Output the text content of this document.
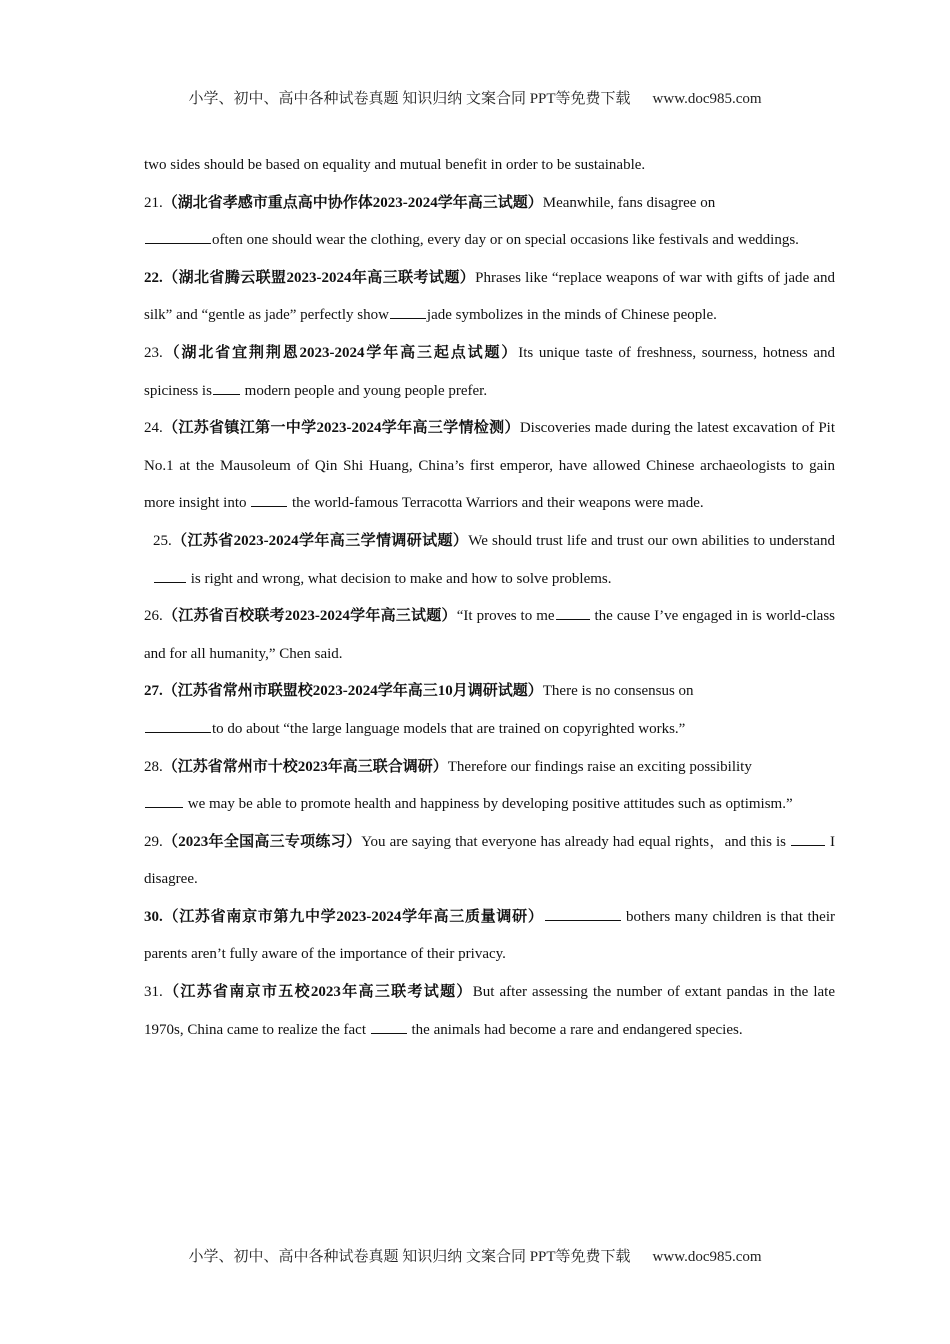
小学、初中、高中各种试卷真题 知识归纳 文案合同 PPT等免费下载 www.doc985.com

two sides should be based on equality and mutual benefit in order to be sustainable.

21.（湖北省孝感市重点高中协作体2023-2024学年高三试题）Meanwhile, fans disagree on
often one should wear the clothing, every day or on special occasions like festivals and weddings.

22.（湖北省腾云联盟2023-2024年高三联考试题）Phrases like “replace weapons of war with gifts of jade and silk” and “gentle as jade” perfectly show	jade symbolizes in the minds of Chinese people.

23.（湖北省宜荆荆恩2023-2024学年高三起点试题）Its unique taste of freshness, sourness, hotness and spiciness is modern people and young people prefer.

24.（江苏省镇江第一中学2023-2024学年高三学情检测）Discoveries made during the latest excavation of Pit No.1 at the Mausoleum of Qin Shi Huang, China’s first emperor, have allowed Chinese archaeologists to gain more insight into	the world-famous Terracotta Warriors and their weapons were made.

25.（江苏省2023-2024学年高三学情调研试题）We should trust life and trust our own abilities to understand is right and wrong, what decision to make and how to solve problems.

26.（江苏省百校联考2023-2024学年高三试题）“It proves to me the cause I’ve engaged in is world-class and for all humanity,” Chen said.

27.（江苏省常州市联盟校2023-2024学年高三10月调研试题）There is no consensus on
to do about “the large language models that are trained on copyrighted works.”

28.（江苏省常州市十校2023年高三联合调研）Therefore our findings raise an exciting possibility
we may be able to promote health and happiness by developing positive attitudes such as optimism.”

29.（2023年全国高三专项练习）You are saying that everyone has already had equal rights，and this is  I disagree.

30.（江苏省南京市第九中学2023-2024学年高三质量调研）	bothers many children is that their parents aren’t fully aware of the importance of their privacy.

31.（江苏省南京市五校2023年高三联考试题）But after assessing the number of extant pandas in the late 1970s, China came to realize the fact	the animals had become a rare and endangered species.

小学、初中、高中各种试卷真题 知识归纳 文案合同 PPT等免费下载 www.doc985.com
